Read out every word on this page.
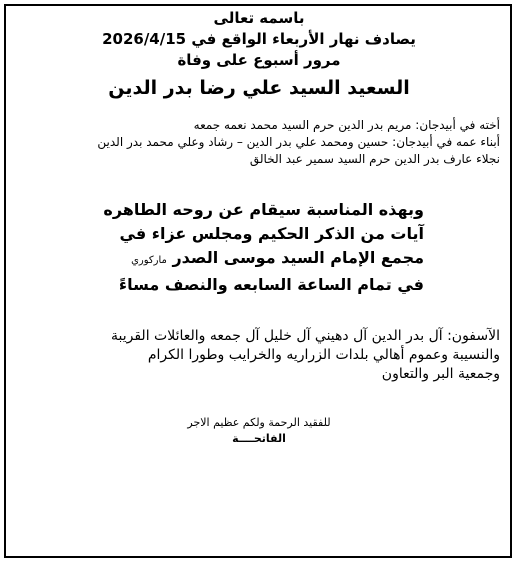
باسمه تعالى
يصادف نهار الأربعاء الواقع في 2026/4/15
مرور أسبوع على وفاة
السعيد السيد علي رضا بدر الدين
أخته في أبيدجان: مريم بدر الدين حرم السيد محمد نعمه جمعه
أبناء عمه في أبيدجان: حسين ومحمد علي بدر الدين – رشاد وعلي محمد بدر الدين
نجلاء عارف بدر الدين حرم السيد سمير عبد الخالق
وبهذه المناسبة سيقام عن روحه الطاهره
آيات من الذكر الحكيم ومجلس عزاء في
مجمع الإمام السيد موسى الصدر ماركوري
في تمام الساعة السابعه والنصف مساءً
الآسفون: آل بدر الدين آل دهيني آل خليل آل جمعه والعائلات القريبة
والنسيبة وعموم أهالي بلدات الزراريه والخرايب وطورا الكرام
وجمعية البر والتعاون
للفقيد الرحمة ولكم عظيم الاجر
الفاتحــــة
